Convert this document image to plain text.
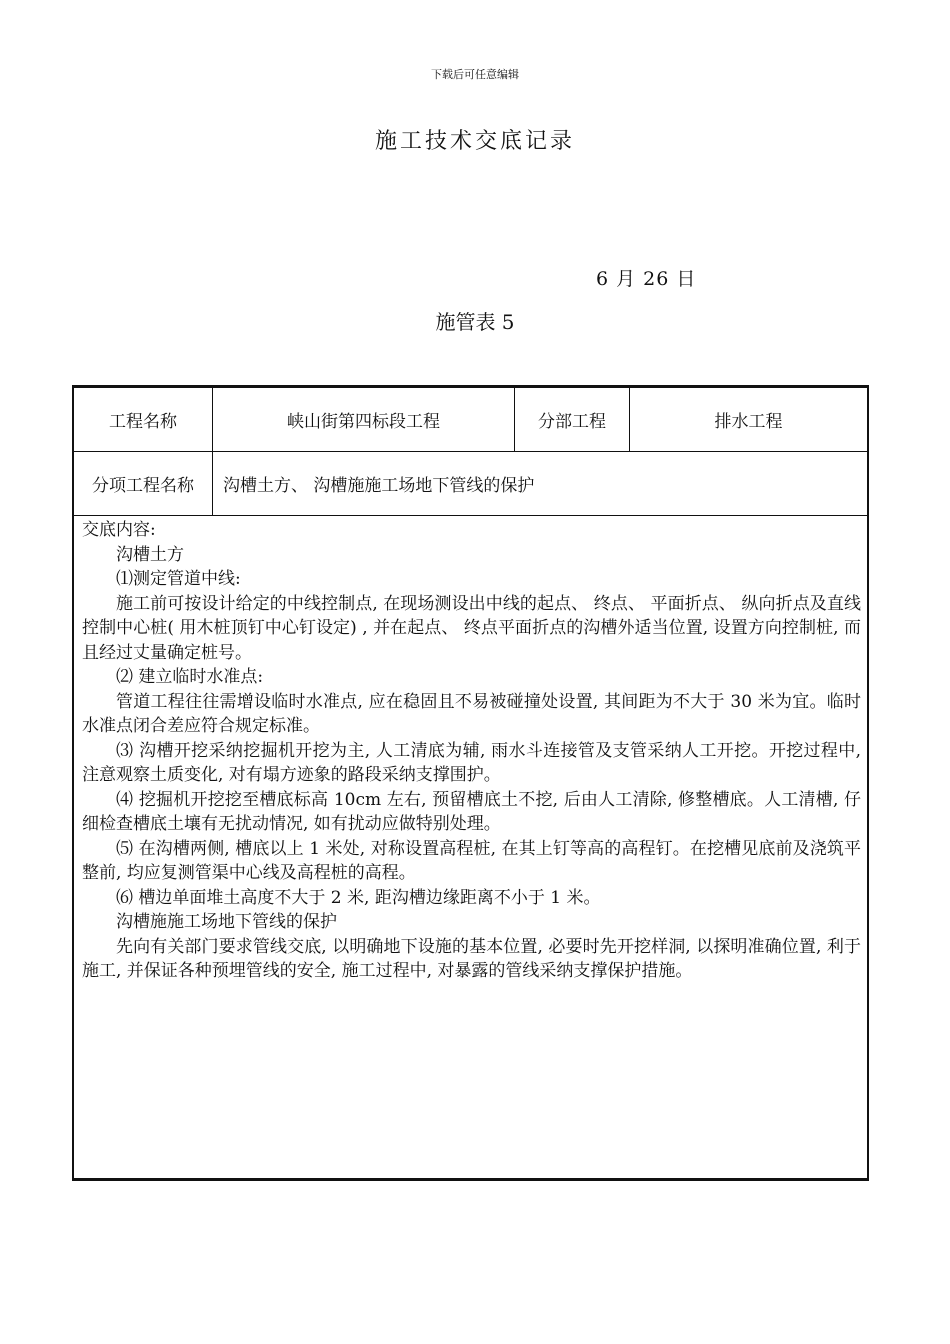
下载后可任意编辑
施工技术交底记录
6 月 26 日
施管表 5
工程名称	峡山街第四标段工程	分部工程	排水工程
分项工程名称	沟槽土方、 沟槽施施工场地下管线的保护

交底内容:

沟槽土方

⑴测定管道中线:

施工前可按设计给定的中线控制点, 在现场测设出中线的起点、 终点、 平面折点、 纵向折点及直线控制中心桩( 用木桩顶钉中心钉设定) , 并在起点、 终点平面折点的沟槽外适当位置, 设置方向控制桩, 而且经过丈量确定桩号。

⑵ 建立临时水准点:

管道工程往往需增设临时水准点, 应在稳固且不易被碰撞处设置, 其间距为不大于 30 米为宜。临时水准点闭合差应符合规定标准。

⑶ 沟槽开挖采纳挖掘机开挖为主, 人工清底为辅, 雨水斗连接管及支管采纳人工开挖。开挖过程中, 注意观察土质变化, 对有塌方迹象的路段采纳支撑围护。

⑷ 挖掘机开挖挖至槽底标高 10cm 左右, 预留槽底土不挖, 后由人工清除, 修整槽底。人工清槽, 仔细检查槽底土壤有无扰动情况, 如有扰动应做特别处理。

⑸ 在沟槽两侧, 槽底以上 1 米处, 对称设置高程桩, 在其上钉等高的高程钉。在挖槽见底前及浇筑平整前, 均应复测管渠中心线及高程桩的高程。

⑹ 槽边单面堆土高度不大于 2 米, 距沟槽边缘距离不小于 1 米。

沟槽施施工场地下管线的保护

先向有关部门要求管线交底, 以明确地下设施的基本位置, 必要时先开挖样洞, 以探明准确位置, 利于施工, 并保证各种预埋管线的安全, 施工过程中, 对暴露的管线采纳支撑保护措施。
